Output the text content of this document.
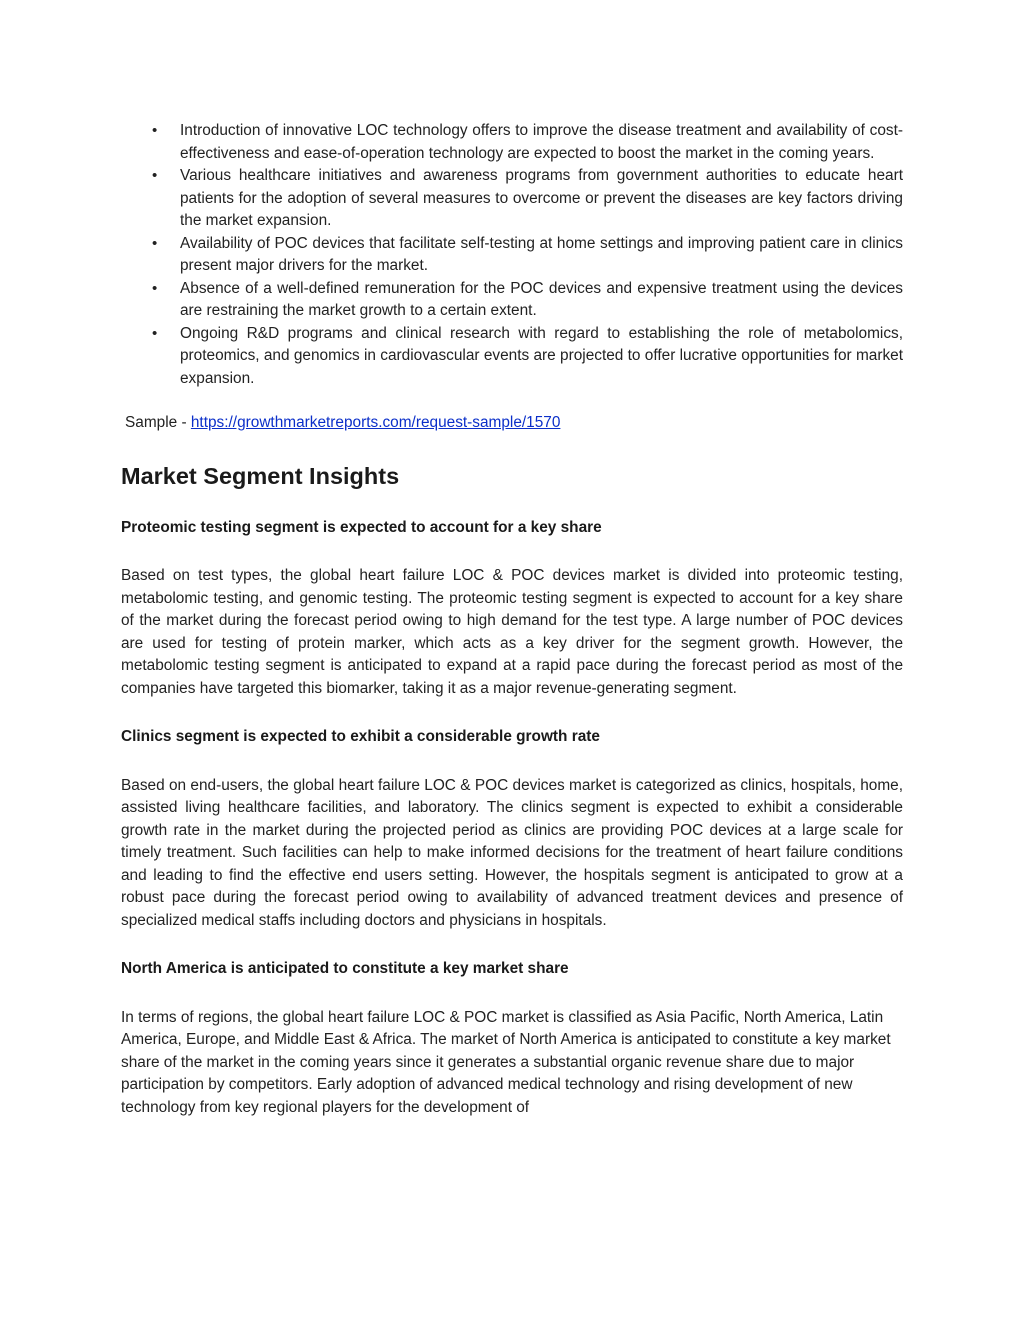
•	Introduction of innovative LOC technology offers to improve the disease treatment and availability of cost-effectiveness and ease-of-operation technology are expected to boost the market in the coming years.
•	Various healthcare initiatives and awareness programs from government authorities to educate heart patients for the adoption of several measures to overcome or prevent the diseases are key factors driving the market expansion.
•	Availability of POC devices that facilitate self-testing at home settings and improving patient care in clinics present major drivers for the market.
•	Absence of a well-defined remuneration for the POC devices and expensive treatment using the devices are restraining the market growth to a certain extent.
•	Ongoing R&D programs and clinical research with regard to establishing the role of metabolomics, proteomics, and genomics in cardiovascular events are projected to offer lucrative opportunities for market expansion.
Sample - https://growthmarketreports.com/request-sample/1570
Market Segment Insights
Proteomic testing segment is expected to account for a key share

Based on test types, the global heart failure LOC & POC devices market is divided into proteomic testing, metabolomic testing, and genomic testing. The proteomic testing segment is expected to account for a key share of the market during the forecast period owing to high demand for the test type. A large number of POC devices are used for testing of protein marker, which acts as a key driver for the segment growth. However, the metabolomic testing segment is anticipated to expand at a rapid pace during the forecast period as most of the companies have targeted this biomarker, taking it as a major revenue-generating segment.

Clinics segment is expected to exhibit a considerable growth rate

Based on end-users, the global heart failure LOC & POC devices market is categorized as clinics, hospitals, home, assisted living healthcare facilities, and laboratory. The clinics segment is expected to exhibit a considerable growth rate in the market during the projected period as clinics are providing POC devices at a large scale for timely treatment. Such facilities can help to make informed decisions for the treatment of heart failure conditions and leading to find the effective end users setting. However, the hospitals segment is anticipated to grow at a robust pace during the forecast period owing to availability of advanced treatment devices and presence of specialized medical staffs including doctors and physicians in hospitals.

North America is anticipated to constitute a key market share

In terms of regions, the global heart failure LOC & POC market is classified as Asia Pacific, North America, Latin America, Europe, and Middle East & Africa. The market of North America is anticipated to constitute a key market share of the market in the coming years since it generates a substantial organic revenue share due to major participation by competitors. Early adoption of advanced medical technology and rising development of new technology from key regional players for the development of
